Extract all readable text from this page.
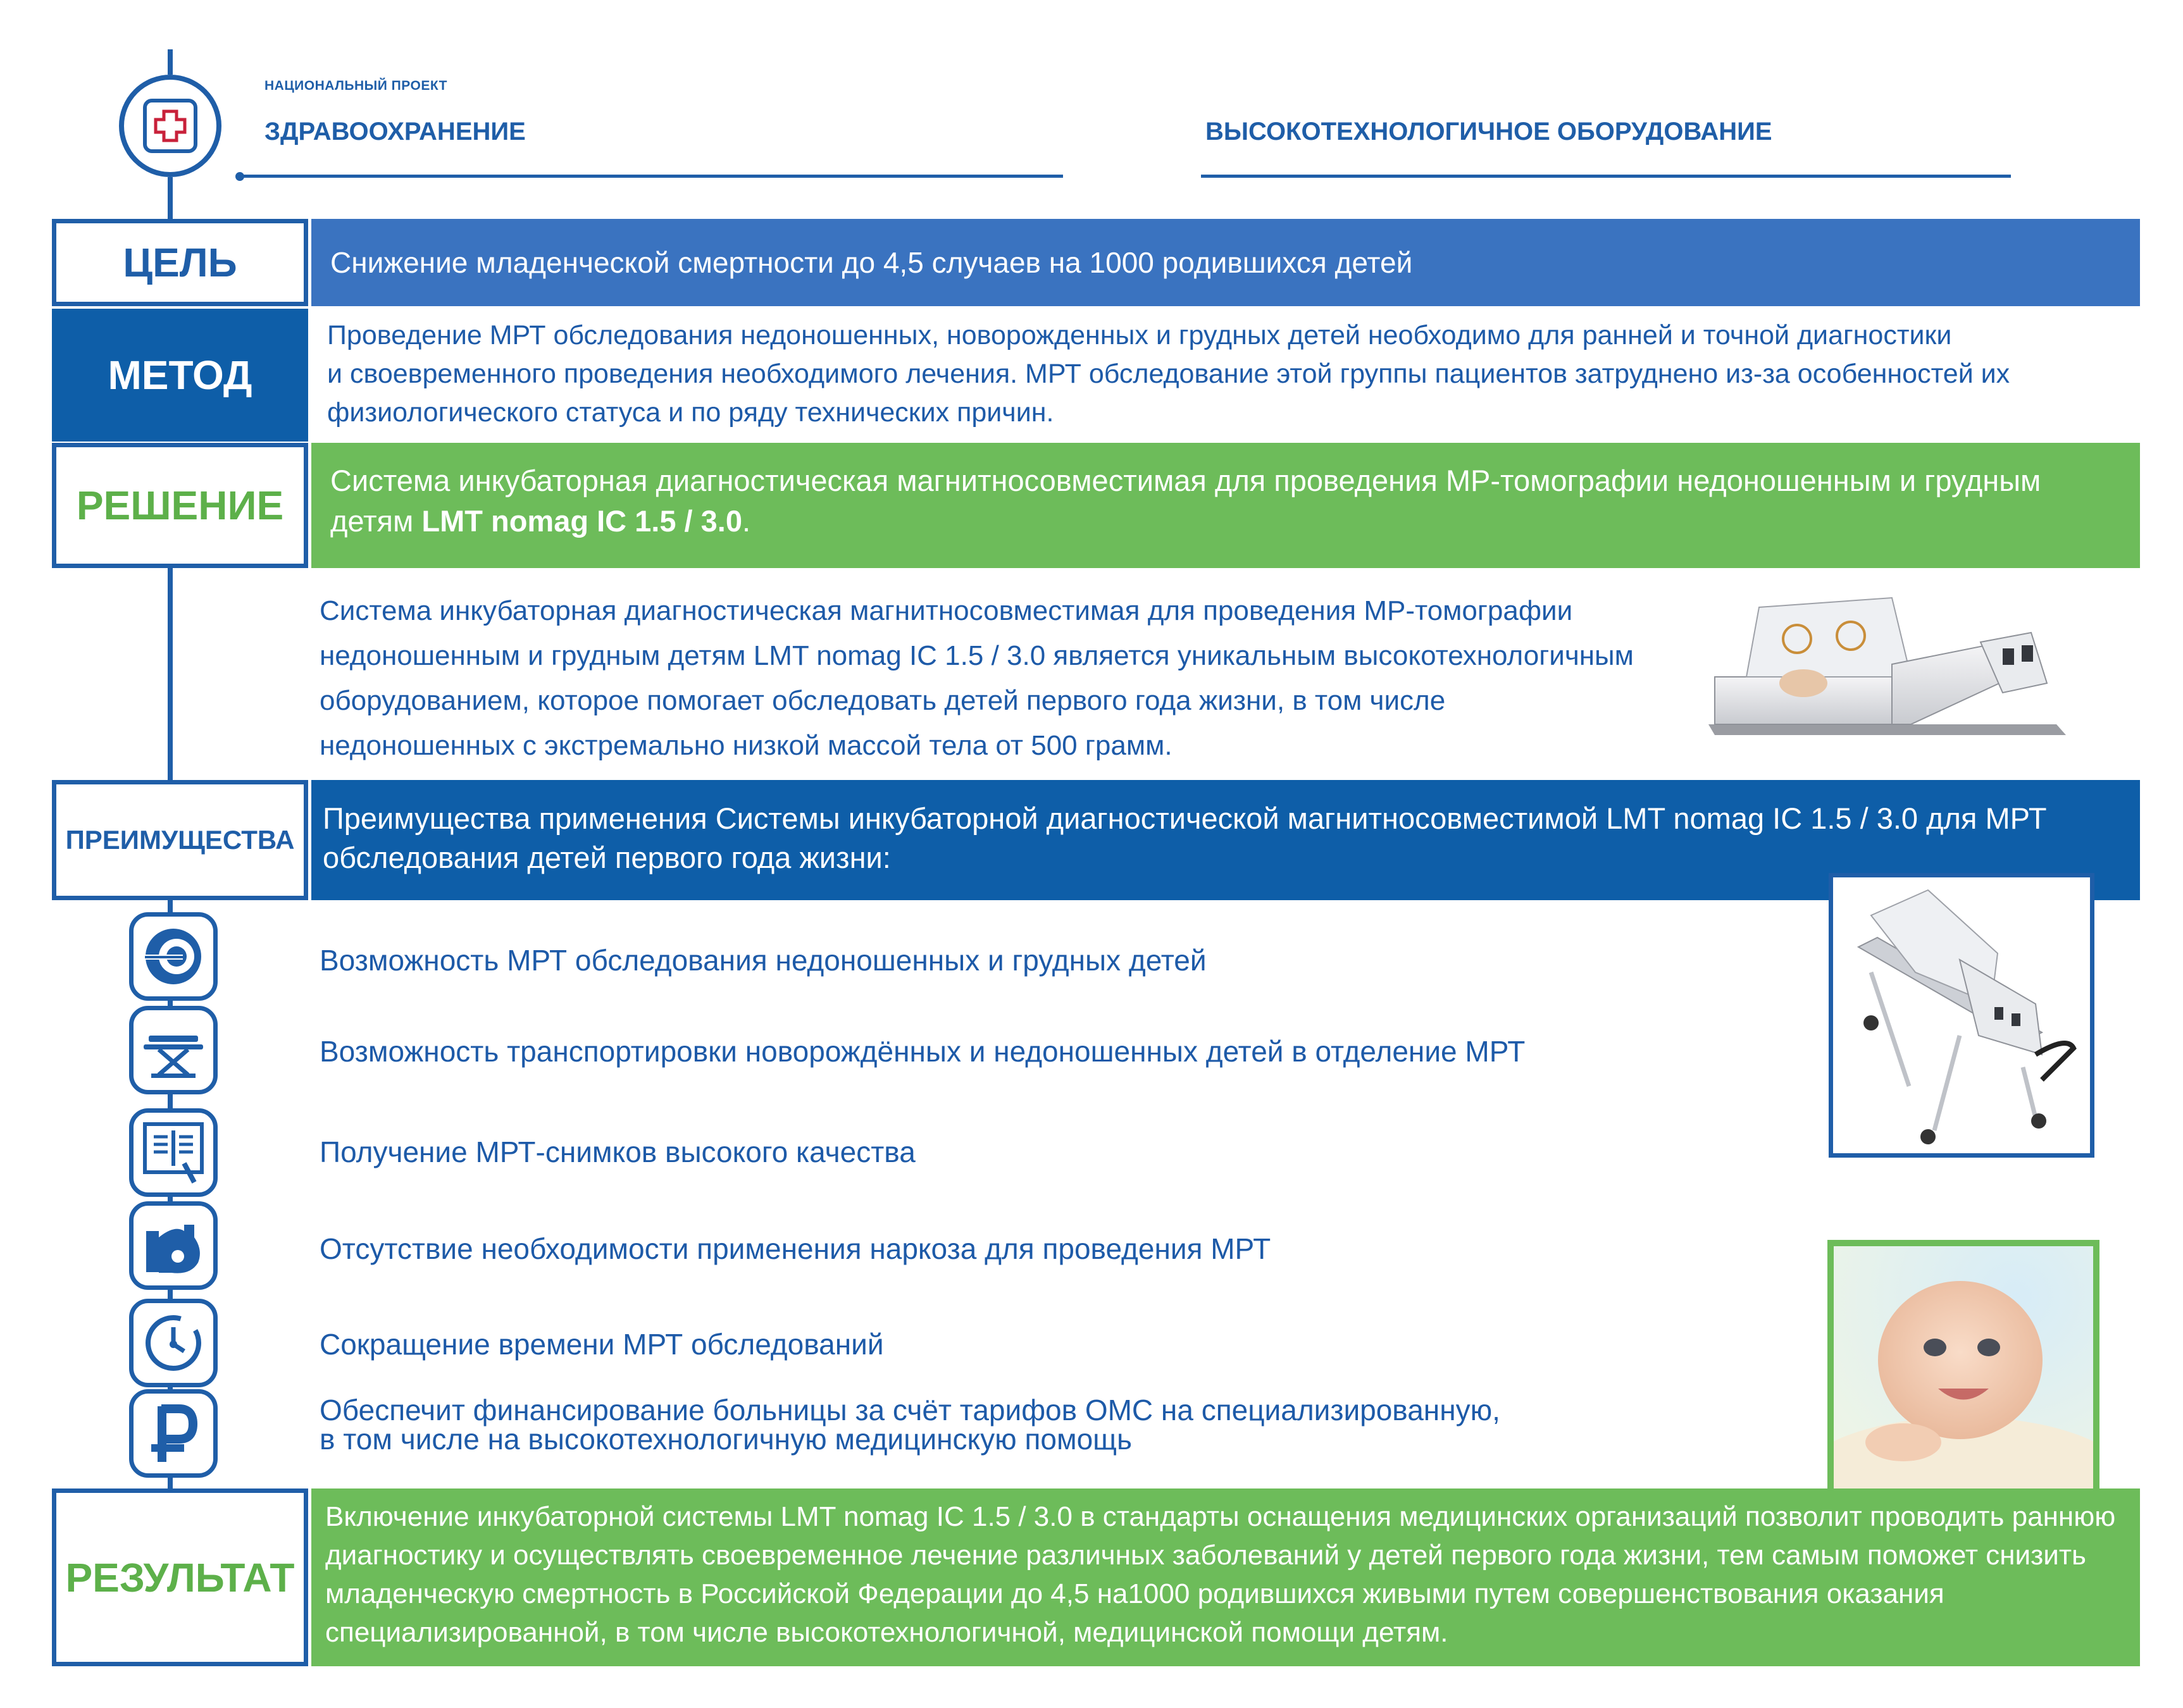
НАЦИОНАЛЬНЫЙ ПРОЕКТ
ЗДРАВООХРАНЕНИЕ	ВЫСОКОТЕХНОЛОГИЧНОЕ ОБОРУДОВАНИЕ
ЦЕЛЬ	Снижение младенческой смертности до 4,5 случаев на 1000 родившихся детей
МЕТОД
Проведение МРТ обследования недоношенных, новорожденных и грудных детей необходимо для ранней и точной диагностики
и своевременного проведения необходимого лечения. МРТ обследование этой группы пациентов затруднено из-за особенностей их
физиологического статуса и по ряду технических причин.
РЕШЕНИЕ
Система инкубаторная диагностическая магнитносовместимая для проведения МР-томографии недоношенным и грудным
детям LMT nomag IC 1.5 / 3.0.
Система инкубаторная диагностическая магнитносовместимая для проведения МР-томографии
недоношенным и грудным детям LMT nomag IC 1.5 / 3.0 является уникальным высокотехнологичным
оборудованием, которое помогает обследовать детей первого года жизни, в том числе
недоношенных с экстремально низкой массой тела от 500 грамм.
ПРЕИМУЩЕСТВА
Преимущества применения Системы инкубаторной диагностической магнитносовместимой LMT nomag IC 1.5 / 3.0 для МРТ
обследования детей первого года жизни:
Возможность МРТ обследования недоношенных и грудных детей
Возможность транспортировки новорождённых и недоношенных детей в отделение МРТ
Получение МРТ-снимков высокого качества
Отсутствие необходимости применения наркоза для проведения МРТ
Сокращение времени МРТ обследований
Обеспечит финансирование больницы за счёт тарифов ОМС на специализированную,
в том числе на высокотехнологичную медицинскую помощь
РЕЗУЛЬТАТ
Включение инкубаторной системы LMT nomag IC 1.5 / 3.0 в стандарты оснащения медицинских организаций позволит проводить раннюю
диагностику и осуществлять своевременное лечение различных заболеваний у детей первого года жизни, тем самым поможет снизить
младенческую смертность в Российской Федерации до 4,5 на1000 родившихся живыми путем совершенствования оказания
специализированной, в том числе высокотехнологичной, медицинской помощи детям.
